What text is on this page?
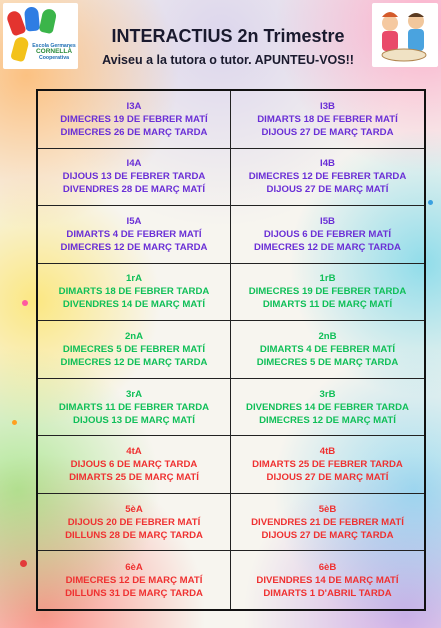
Escola Germanes
CORNELLÀ
Cooperativa
INTERACTIUS 2n Trimestre

Aviseu a la tutora o tutor. APUNTEU-VOS!!

I3A
DIMECRES 19 DE FEBRER MATÍ
DIMECRES 26 DE MARÇ TARDA
I3B
DIMARTS 18 DE FEBRER MATÍ
DIJOUS 27 DE MARÇ TARDA
I4A
DIJOUS 13 DE FEBRER TARDA
DIVENDRES 28 DE MARÇ MATÍ
I4B
DIMECRES 12 DE FEBRER TARDA
DIJOUS 27 DE MARÇ MATÍ
I5A
DIMARTS 4 DE FEBRER MATÍ
DIMECRES 12 DE MARÇ TARDA
I5B
DIJOUS 6 DE FEBRER MATÍ
DIMECRES 12 DE MARÇ TARDA
1rA
DIMARTS 18 DE FEBRER TARDA
DIVENDRES 14 DE MARÇ MATÍ
1rB
DIMECRES 19 DE FEBRER TARDA
DIMARTS 11 DE MARÇ MATÍ
2nA
DIMECRES 5 DE FEBRER MATÍ
DIMECRES 12 DE MARÇ TARDA
2nB
DIMARTS 4 DE FEBRER MATÍ
DIMECRES 5 DE MARÇ TARDA
3rA
DIMARTS 11 DE FEBRER TARDA
DIJOUS 13 DE MARÇ MATÍ
3rB
DIVENDRES 14 DE FEBRER TARDA
DIMECRES 12 DE MARÇ MATÍ
4tA
DIJOUS 6 DE MARÇ TARDA
DIMARTS 25 DE MARÇ MATÍ
4tB
DIMARTS 25 DE FEBRER TARDA
DIJOUS 27 DE MARÇ MATÍ
5èA
DIJOUS 20 DE FEBRER MATÍ
DILLUNS 28 DE MARÇ TARDA
5èB
DIVENDRES 21 DE FEBRER MATÍ
DIJOUS 27 DE MARÇ TARDA
6èA
DIMECRES 12 DE MARÇ MATÍ
DILLUNS 31 DE MARÇ TARDA
6èB
DIVENDRES 14 DE MARÇ MATÍ
DIMARTS 1 D'ABRIL TARDA
